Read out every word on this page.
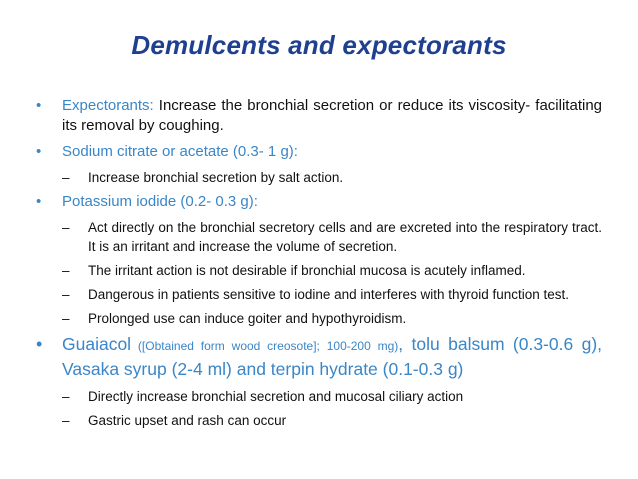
Demulcents and expectorants
• Expectorants: Increase the bronchial secretion or reduce its viscosity- facilitating its removal by coughing.
• Sodium citrate or acetate (0.3- 1 g):
– Increase bronchial secretion by salt action.
• Potassium iodide (0.2- 0.3 g):
– Act directly on the bronchial secretory cells and are excreted into the respiratory tract. It is an irritant and increase the volume of secretion.
– The irritant action is not desirable if bronchial mucosa is acutely inflamed.
– Dangerous in patients sensitive to iodine and interferes with thyroid function test.
– Prolonged use can induce goiter and hypothyroidism.
• Guaiacol ([Obtained form wood creosote]; 100-200 mg), tolu balsum (0.3-0.6 g), Vasaka syrup (2-4 ml) and terpin hydrate (0.1-0.3 g)
– Directly increase bronchial secretion and mucosal ciliary action
– Gastric upset and rash can occur
